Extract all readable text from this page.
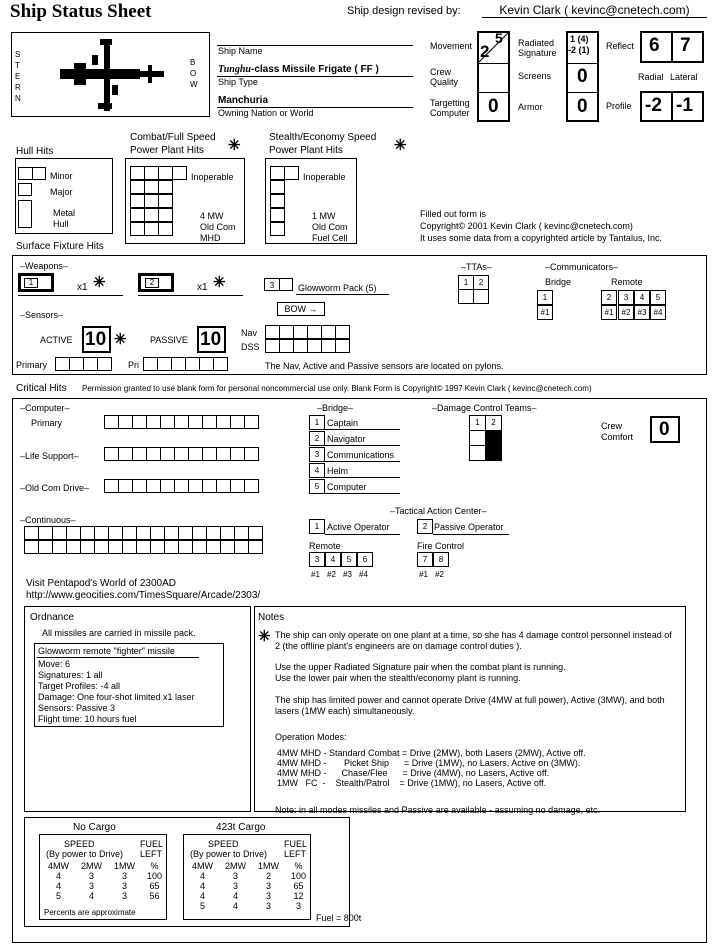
Ship Status Sheet	Ship design revised by:	Kevin Clark ( kevinc@cnetech.com)
S T E R N
B O W
Ship Name
Tunghu-class Missile Frigate ( FF )
Ship Type
Manchuria
Owning Nation or World
Movement 2
5
Crew Quality
Targetting Computer 0
Radiated Signature
1 (4)
-2 (1)
Screens 0
Armor 0
Reflect 6 7
Radial Lateral
Profile -2 -1
Hull Hits
Minor
Major
Metal
Hull
Combat/Full Speed
Power Plant Hits ✳
Inoperable
4 MW
Old Com
MHD
Stealth/Economy Speed
Power Plant Hits	✳
Inoperable
1 MW
Old Com
Fuel Cell
Filled out form is
Copyright© 2001 Kevin Clark ( kevinc@cnetech.com)
It uses some data from a copyrighted article by Tantalus, Inc.
Surface Fixture Hits
–Weapons–
1	x1 ✳	2	x1 ✳	3	Glowworm Pack (5)
BOW →
–TTAs–
1	2
–Communicators–
Bridge	Remote
1
#1
2	3	4	5
#1	#2 #3 #4
–Sensors–
ACTIVE 10 ✳	PASSIVE 10 Nav
DSS
Primary	Pri	The Nav, Active and Passive sensors are located on pylons.
Critical Hits Permission granted to use blank form for personal noncommercial use only. Blank Form is Copyright© 1997 Kevin Clark ( kevinc@cnetech.com)
–Computer–
Primary
–Life Support–
–Old Com Drive–
–Continuous–
–Bridge–
1 Captain
2 Navigator
3 Communications
4 Helm
5 Computer
–Damage Control Teams–
1	2	Crew Comfort	0
–Tactical Action Center–
1 Active Operator	2 Passive Operator
Remote	Fire Control
3
#1
4
#2
5
#3
6
#4
7
#1
8
#2
Visit Pentapod's World of 2300AD
http://www.geocities.com/TimesSquare/Arcade/2303/
Ordnance
All missiles are carried in missile pack.
Glowworm remote "fighter" missile
Move: 6
Signatures: 1 all
Target Profiles: -4 all
Damage: One four-shot limited x1 laser
Sensors: Passive 3
Flight time: 10 hours fuel
Notes
✳ The ship can only operate on one plant at a time, so she has 4 damage control personnel instead of 2 (the offline plant's engineers are on damage control duties ).
Use the upper Radiated Signature pair when the combat plant is running.
Use the lower pair when the stealth/economy plant is running.
The ship has limited power and cannot operate Drive (4MW at full power), Active (3MW), and both lasers (1MW each) simultaneously.
Operation Modes:
4MW MHD - Standard Combat = Drive (2MW), both Lasers (2MW), Active off.
4MW MHD -       Picket Ship      = Drive (1MW), no Lasers, Active on (3MW).
4MW MHD -      Chase/Flee      = Drive (4MW), no Lasers, Active off.
1MW   FC  -    Stealth/Patrol    = Drive (1MW), no Lasers, Active off.
Note: in all modes missiles and Passive are available - assuming no damage, etc.
No Cargo	423t Cargo
SPEED
(By power to Drive)
FUEL
LEFT
4MW	2MW	1MW	%
4	3	3	100
4	3	3	65
5	4	3	56
Percents are approximate
SPEED
(By power to Drive)
FUEL
LEFT
4MW	2MW	1MW	%
4	3	2	100
4	3	3	65
4	4	3	12
5	4	3	3
Fuel = 800t
